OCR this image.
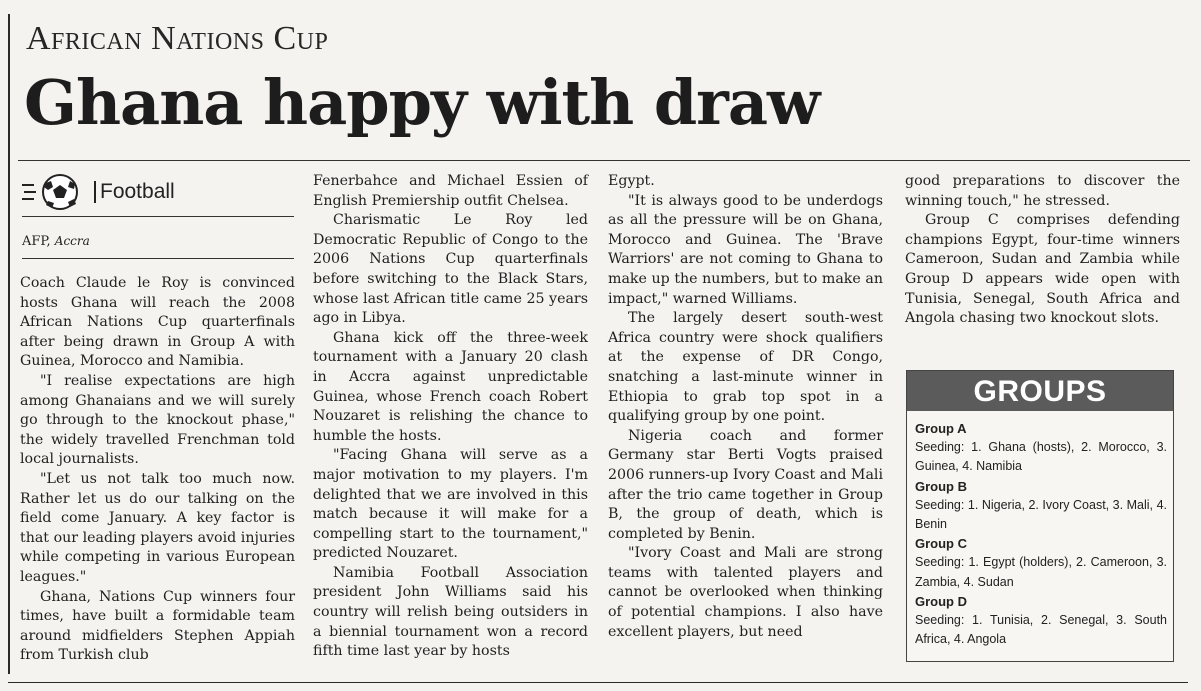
African Nations Cup
Ghana happy with draw
Football
AFP, Accra

Coach Claude le Roy is convinced hosts Ghana will reach the 2008 African Nations Cup quarterfinals after being drawn in Group A with Guinea, Morocco and Namibia.

"I realise expectations are high among Ghanaians and we will surely go through to the knockout phase," the widely travelled Frenchman told local journalists.

"Let us not talk too much now. Rather let us do our talking on the field come January. A key factor is that our leading players avoid injuries while competing in various European leagues."

Ghana, Nations Cup winners four times, have built a formidable team around midfielders Stephen Appiah from Turkish club

Fenerbahce and Michael Essien of English Premiership outfit Chelsea.

Charismatic Le Roy led Democratic Republic of Congo to the 2006 Nations Cup quarterfinals before switching to the Black Stars, whose last African title came 25 years ago in Libya.

Ghana kick off the three-week tournament with a January 20 clash in Accra against unpredictable Guinea, whose French coach Robert Nouzaret is relishing the chance to humble the hosts.

"Facing Ghana will serve as a major motivation to my players. I'm delighted that we are involved in this match because it will make for a compelling start to the tournament," predicted Nouzaret.

Namibia Football Association president John Williams said his country will relish being outsiders in a biennial tournament won a record fifth time last year by hosts

Egypt.

"It is always good to be underdogs as all the pressure will be on Ghana, Morocco and Guinea. The 'Brave Warriors' are not coming to Ghana to make up the numbers, but to make an impact," warned Williams.

The largely desert south-west Africa country were shock qualifiers at the expense of DR Congo, snatching a last-minute winner in Ethiopia to grab top spot in a qualifying group by one point.

Nigeria coach and former Germany star Berti Vogts praised 2006 runners-up Ivory Coast and Mali after the trio came together in Group B, the group of death, which is completed by Benin.

"Ivory Coast and Mali are strong teams with talented players and cannot be overlooked when thinking of potential champions. I also have excellent players, but need

good preparations to discover the winning touch," he stressed.

Group C comprises defending champions Egypt, four-time winners Cameroon, Sudan and Zambia while Group D appears wide open with Tunisia, Senegal, South Africa and Angola chasing two knockout slots.

GROUPS
Group A
Seeding: 1. Ghana (hosts), 2. Morocco, 3. Guinea, 4. Namibia
Group B
Seeding: 1. Nigeria, 2. Ivory Coast, 3. Mali, 4. Benin
Group C
Seeding: 1. Egypt (holders), 2. Cameroon, 3. Zambia, 4. Sudan
Group D
Seeding: 1. Tunisia, 2. Senegal, 3. South Africa, 4. Angola
